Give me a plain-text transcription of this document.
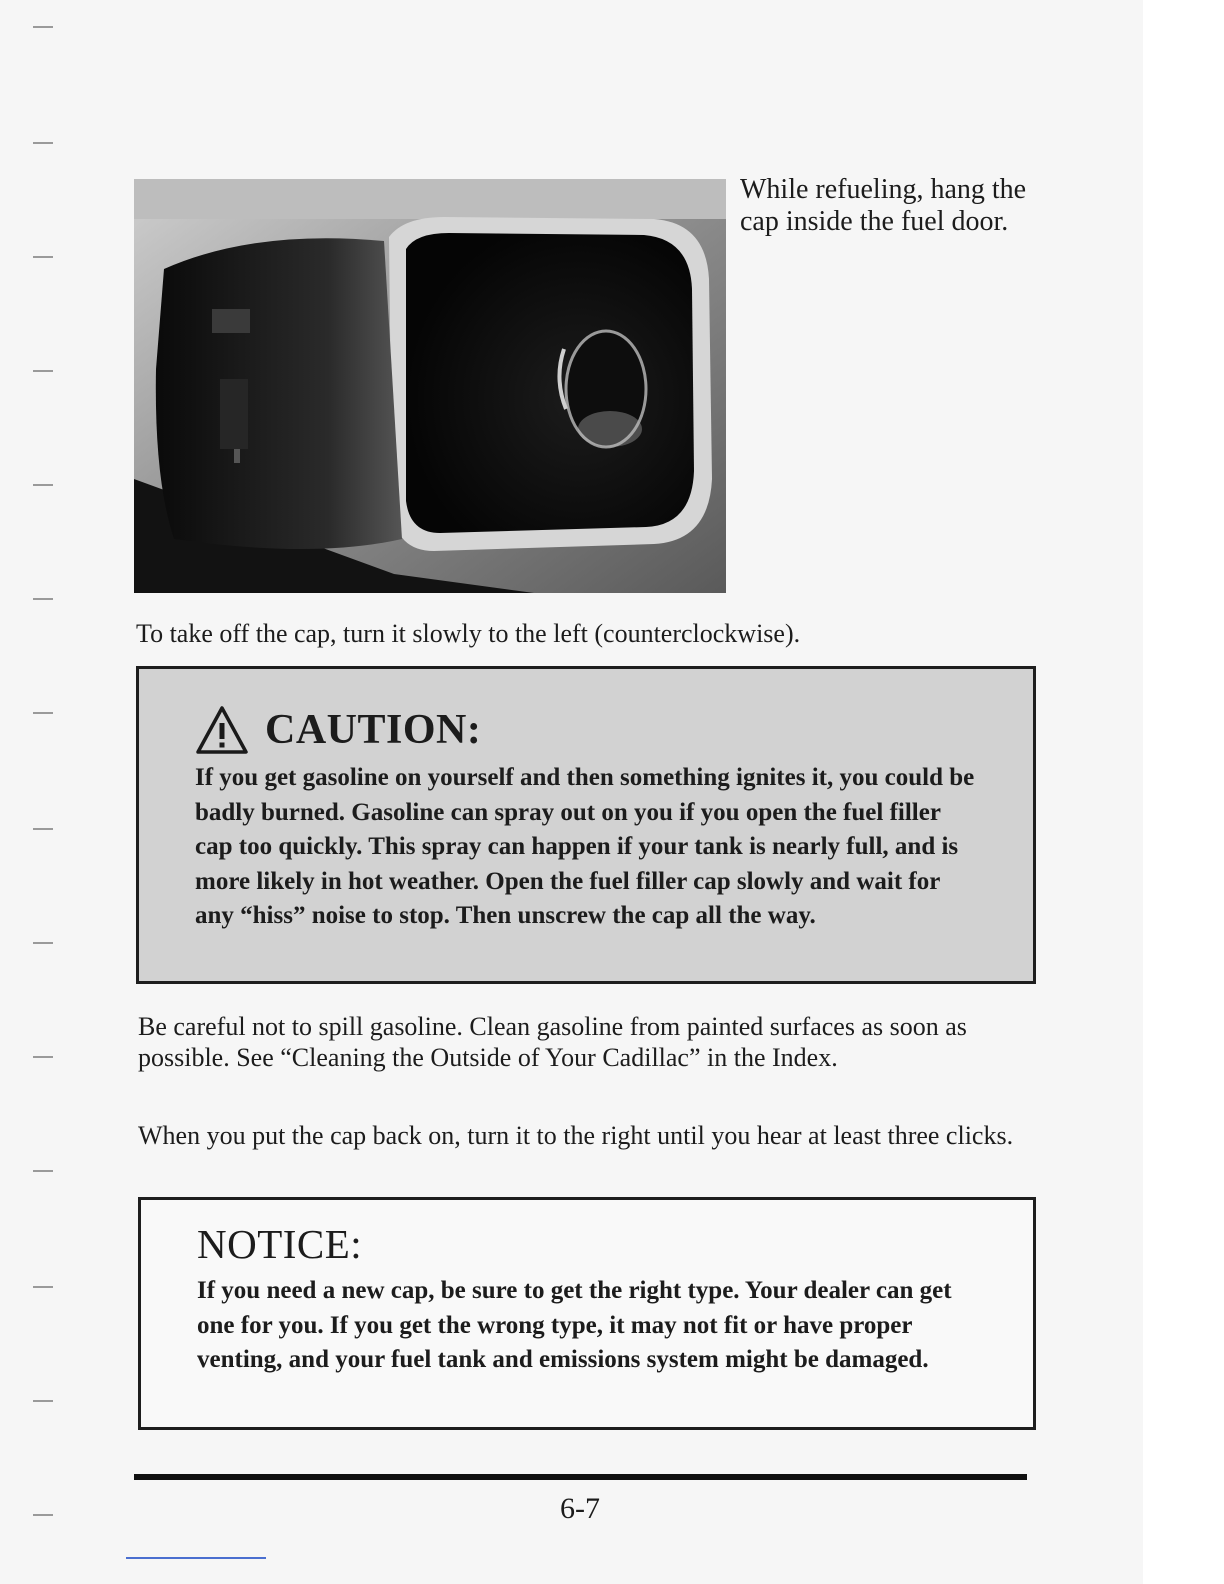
While refueling, hang the cap inside the fuel door.

To take off the cap, turn it slowly to the left (counterclockwise).

CAUTION:

If you get gasoline on yourself and then something ignites it, you could be badly burned. Gasoline can spray out on you if you open the fuel filler cap too quickly. This spray can happen if your tank is nearly full, and is more likely in hot weather. Open the fuel filler cap slowly and wait for any “hiss” noise to stop. Then unscrew the cap all the way.

Be careful not to spill gasoline. Clean gasoline from painted surfaces as soon as possible. See “Cleaning the Outside of Your Cadillac” in the Index.

When you put the cap back on, turn it to the right until you hear at least three clicks.

NOTICE:

If you need a new cap, be sure to get the right type. Your dealer can get one for you. If you get the wrong type, it may not fit or have proper venting, and your fuel tank and emissions system might be damaged.

6-7
